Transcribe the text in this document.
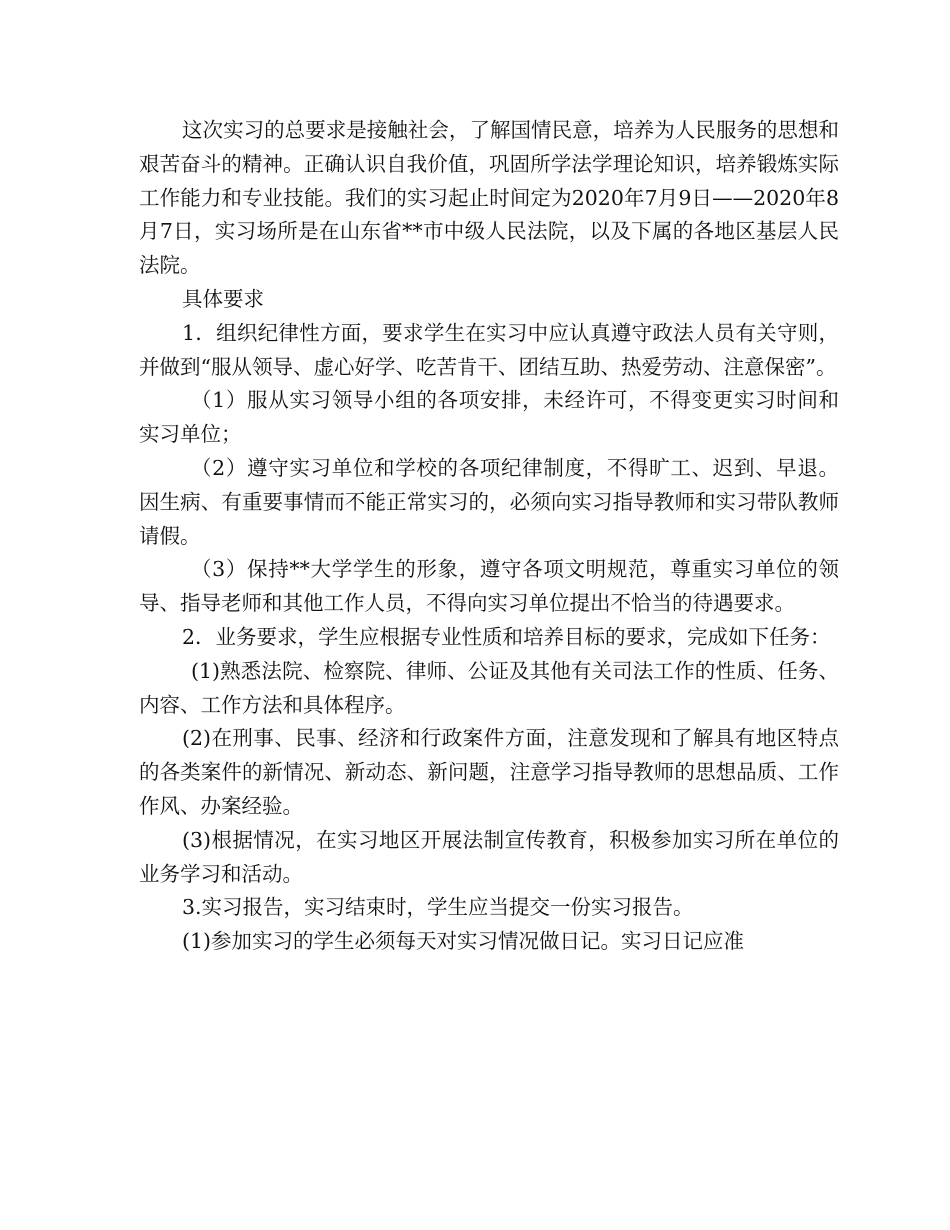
这次实习的总要求是接触社会，了解国情民意，培养为人民服务的思想和艰苦奋斗的精神。正确认识自我价值，巩固所学法学理论知识，培养锻炼实际工作能力和专业技能。我们的实习起止时间定为2020年7月9日——2020年8月7日，实习场所是在山东省**市中级人民法院，以及下属的各地区基层人民法院。

具体要求

1．组织纪律性方面，要求学生在实习中应认真遵守政法人员有关守则，并做到“服从领导、虚心好学、吃苦肯干、团结互助、热爱劳动、注意保密”。

（1）服从实习领导小组的各项安排，未经许可，不得变更实习时间和实习单位；

（2）遵守实习单位和学校的各项纪律制度，不得旷工、迟到、早退。因生病、有重要事情而不能正常实习的，必须向实习指导教师和实习带队教师请假。

（3）保持**大学学生的形象，遵守各项文明规范，尊重实习单位的领导、指导老师和其他工作人员，不得向实习单位提出不恰当的待遇要求。

2．业务要求，学生应根据专业性质和培养目标的要求，完成如下任务：

(1)熟悉法院、检察院、律师、公证及其他有关司法工作的性质、任务、内容、工作方法和具体程序。

(2)在刑事、民事、经济和行政案件方面，注意发现和了解具有地区特点的各类案件的新情况、新动态、新问题，注意学习指导教师的思想品质、工作作风、办案经验。

(3)根据情况，在实习地区开展法制宣传教育，积极参加实习所在单位的业务学习和活动。

3.实习报告，实习结束时，学生应当提交一份实习报告。

(1)参加实习的学生必须每天对实习情况做日记。实习日记应准
